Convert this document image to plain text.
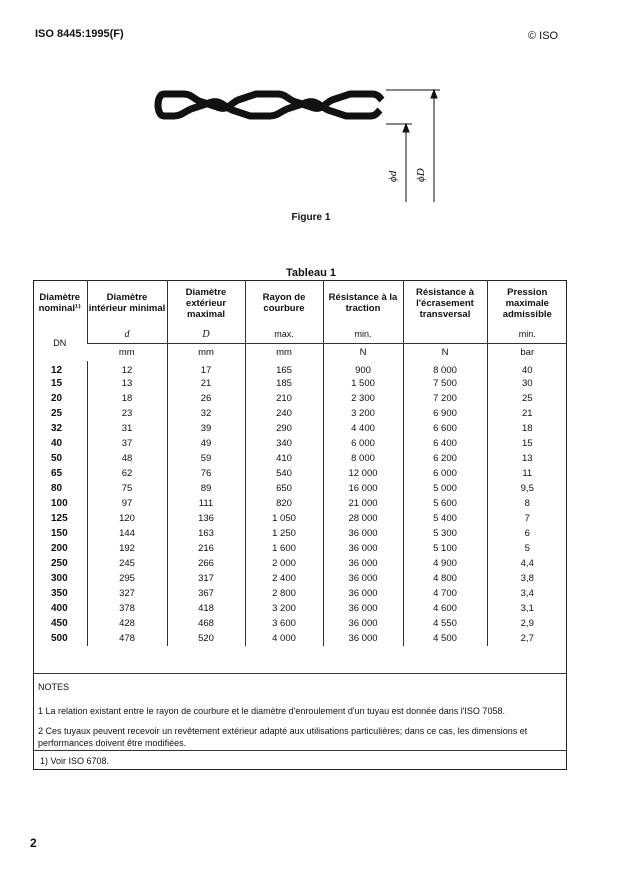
ISO 8445:1995(F)	© ISO
ϕd ϕD
Figure 1
Tableau 1
Diamètre nominal¹⁾	Diamètre intérieur minimal	Diamètre extérieur maximal	Rayon de courbure	Résistance à la traction	Résistance à l'écrasement transversal	Pression maximale admissible
DN	d	D	max.	min.		min.
	mm	mm	mm	N	N	bar
12	12	17	165	900	8 000	40
15	13	21	185	1 500	7 500	30
20	18	26	210	2 300	7 200	25
25	23	32	240	3 200	6 900	21
32	31	39	290	4 400	6 600	18
40	37	49	340	6 000	6 400	15
50	48	59	410	8 000	6 200	13
65	62	76	540	12 000	6 000	11
80	75	89	650	16 000	5 000	9,5
100	97	111	820	21 000	5 600	8
125	120	136	1 050	28 000	5 400	7
150	144	163	1 250	36 000	5 300	6
200	192	216	1 600	36 000	5 100	5
250	245	266	2 000	36 000	4 900	4,4
300	295	317	2 400	36 000	4 800	3,8
350	327	367	2 800	36 000	4 700	3,4
400	378	418	3 200	36 000	4 600	3,1
450	428	468	3 600	36 000	4 550	2,9
500	478	520	4 000	36 000	4 500	2,7
NOTES
1 La relation existant entre le rayon de courbure et le diamètre d'enroulement d'un tuyau est donnée dans l'ISO 7058.
2 Ces tuyaux peuvent recevoir un revêtement extérieur adapté aux utilisations particulières; dans ce cas, les dimensions et performances doivent être modifiées.
1) Voir ISO 6708.
2
